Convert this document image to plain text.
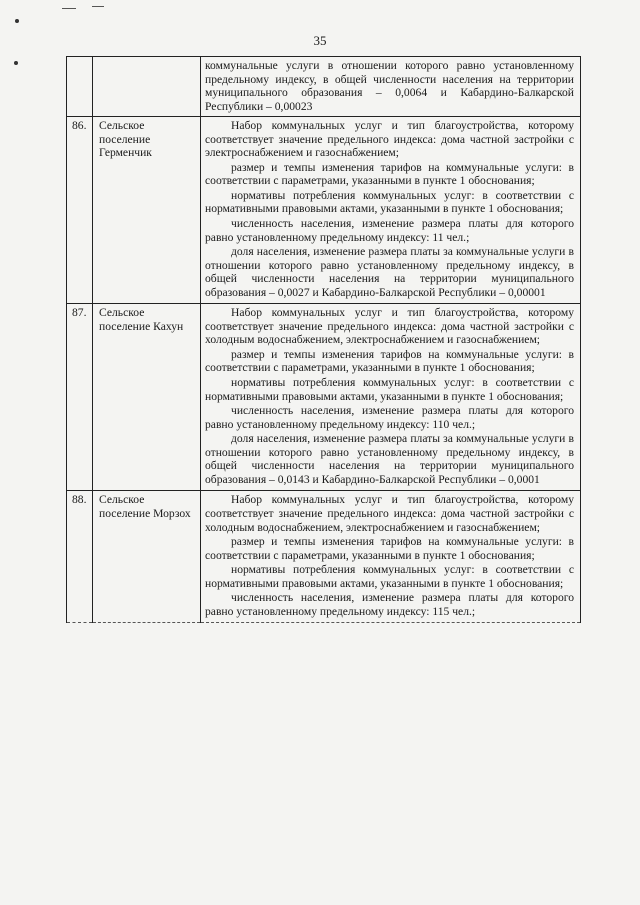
35

		коммунальные услуги в отношении которого равно установленному предельному индексу, в общей численности населения на территории муниципального образования – 0,0064 и Кабардино-Балкарской Республики – 0,00023

86.	Сельское поселение Герменчик	Набор коммунальных услуг и тип благоустройства, которому соответствует значение предельного индекса: дома частной застройки с электроснабжением и газоснабжением;

размер и темпы изменения тарифов на коммунальные услуги: в соответствии с параметрами, указанными в пункте 1 обоснования;

нормативы потребления коммунальных услуг: в соответствии с нормативными правовыми актами, указанными в пункте 1 обоснования;

численность населения, изменение размера платы для которого равно установленному предельному индексу: 11 чел.;

доля населения, изменение размера платы за коммунальные услуги в отношении которого равно установленному предельному индексу, в общей численности населения на территории муниципального образования – 0,0027 и Кабардино-Балкарской Республики – 0,00001

87.	Сельское поселение Кахун	Набор коммунальных услуг и тип благоустройства, которому соответствует значение предельного индекса: дома частной застройки с холодным водоснабжением, электроснабжением и газоснабжением;

размер и темпы изменения тарифов на коммунальные услуги: в соответствии с параметрами, указанными в пункте 1 обоснования;

нормативы потребления коммунальных услуг: в соответствии с нормативными правовыми актами, указанными в пункте 1 обоснования;

численность населения, изменение размера платы для которого равно установленному предельному индексу: 110 чел.;

доля населения, изменение размера платы за коммунальные услуги в отношении которого равно установленному предельному индексу, в общей численности населения на территории муниципального образования – 0,0143 и Кабардино-Балкарской Республики – 0,0001

88.	Сельское поселение Морзох	Набор коммунальных услуг и тип благоустройства, которому соответствует значение предельного индекса: дома частной застройки с холодным водоснабжением, электроснабжением и газоснабжением;

размер и темпы изменения тарифов на коммунальные услуги: в соответствии с параметрами, указанными в пункте 1 обоснования;

нормативы потребления коммунальных услуг: в соответствии с нормативными правовыми актами, указанными в пункте 1 обоснования;

численность населения, изменение размера платы для которого равно установленному предельному индексу: 115 чел.;
